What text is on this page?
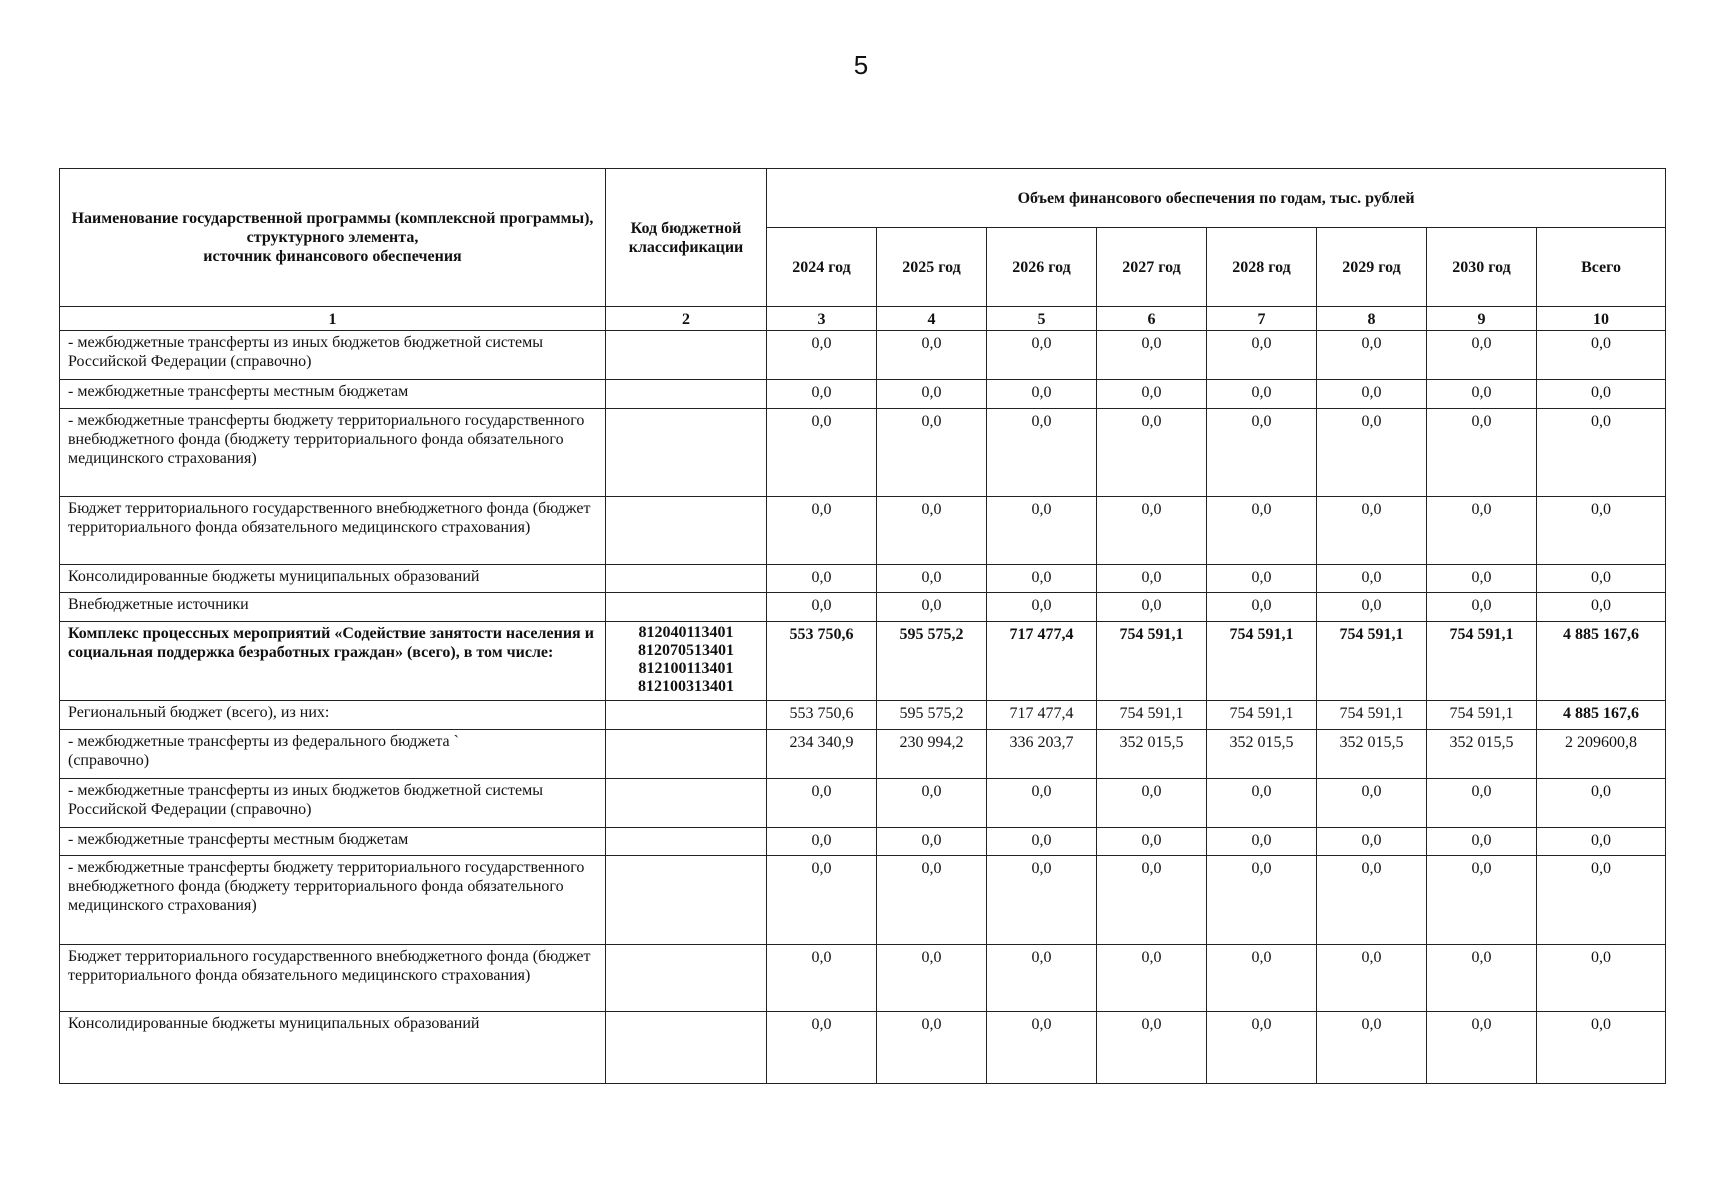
5
Наименование государственной программы (комплексной программы), структурного элемента,
источник финансового обеспечения	Код бюджетной классификации	Объем финансового обеспечения по годам, тыс. рублей							
		2024 год	2025 год	2026 год	2027 год	2028 год	2029 год	2030 год	Всего
1	2	3	4	5	6	7	8	9	10
- межбюджетные трансферты из иных бюджетов бюджетной системы Российской Федерации (справочно)		0,0	0,0	0,0	0,0	0,0	0,0	0,0	0,0
- межбюджетные трансферты местным бюджетам		0,0	0,0	0,0	0,0	0,0	0,0	0,0	0,0
- межбюджетные трансферты бюджету территориального государственного внебюджетного фонда (бюджету территориального фонда обязательного медицинского страхования)		0,0	0,0	0,0	0,0	0,0	0,0	0,0	0,0
Бюджет территориального государственного внебюджетного фонда (бюджет территориального фонда обязательного медицинского страхования)		0,0	0,0	0,0	0,0	0,0	0,0	0,0	0,0
Консолидированные бюджеты муниципальных образований		0,0	0,0	0,0	0,0	0,0	0,0	0,0	0,0
Внебюджетные источники		0,0	0,0	0,0	0,0	0,0	0,0	0,0	0,0
Комплекс процессных мероприятий «Содействие занятости населения и социальная поддержка безработных граждан» (всего), в том числе:	812040113401
812070513401
812100113401
812100313401	553 750,6	595 575,2	717 477,4	754 591,1	754 591,1	754 591,1	754 591,1	4 885 167,6
Региональный бюджет (всего), из них:		553 750,6	595 575,2	717 477,4	754 591,1	754 591,1	754 591,1	754 591,1	4 885 167,6
- межбюджетные трансферты из федерального бюджета `
(справочно)		234 340,9	230 994,2	336 203,7	352 015,5	352 015,5	352 015,5	352 015,5	2 209600,8
- межбюджетные трансферты из иных бюджетов бюджетной системы Российской Федерации (справочно)		0,0	0,0	0,0	0,0	0,0	0,0	0,0	0,0
- межбюджетные трансферты местным бюджетам		0,0	0,0	0,0	0,0	0,0	0,0	0,0	0,0
- межбюджетные трансферты бюджету территориального государственного внебюджетного фонда (бюджету территориального фонда обязательного медицинского страхования)		0,0	0,0	0,0	0,0	0,0	0,0	0,0	0,0
Бюджет территориального государственного внебюджетного фонда (бюджет территориального фонда обязательного медицинского страхования)		0,0	0,0	0,0	0,0	0,0	0,0	0,0	0,0
Консолидированные бюджеты муниципальных образований		0,0	0,0	0,0	0,0	0,0	0,0	0,0	0,0
